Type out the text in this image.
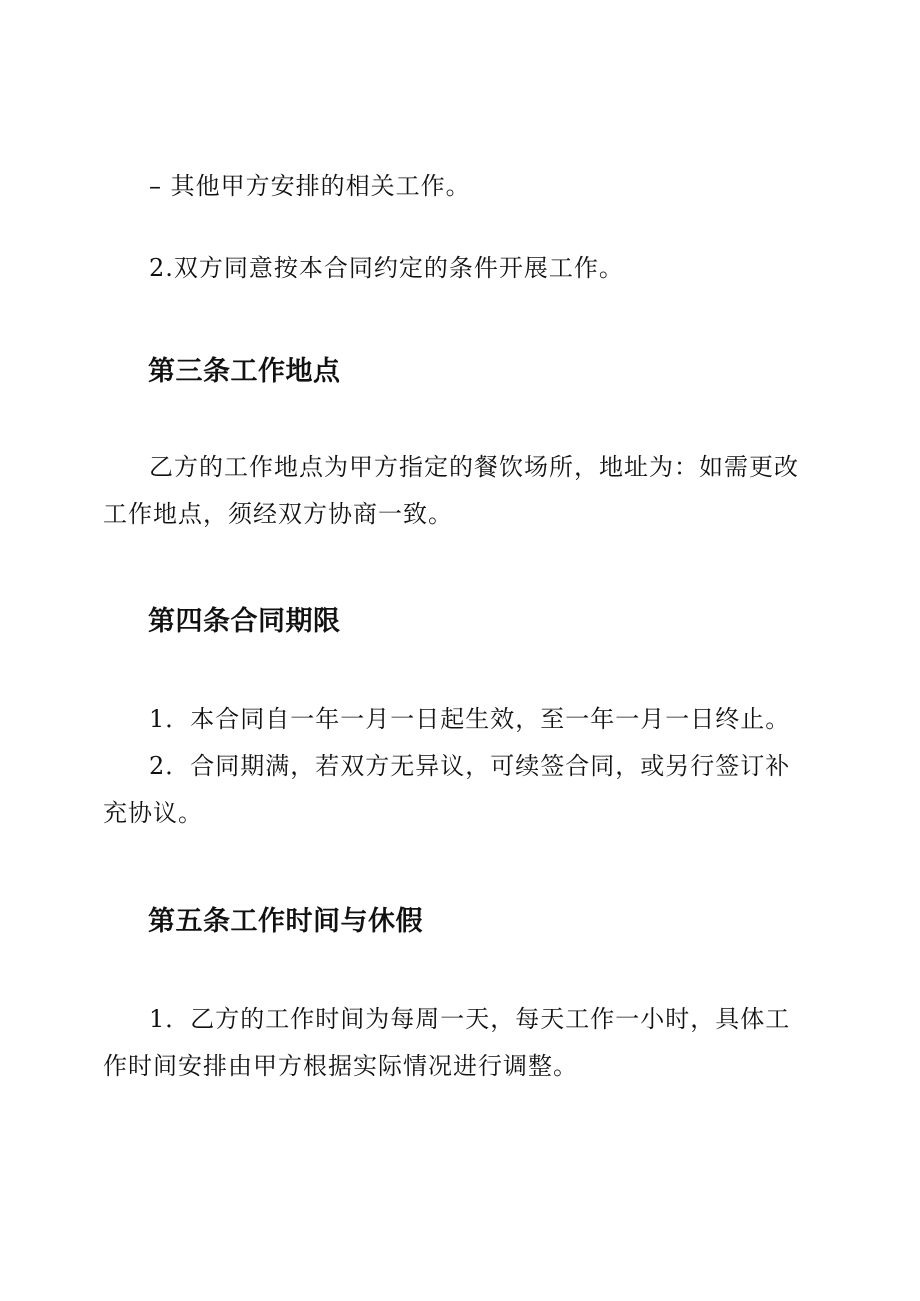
– 其他甲方安排的相关工作。

2.双方同意按本合同约定的条件开展工作。

第三条工作地点

乙方的工作地点为甲方指定的餐饮场所，地址为：如需更改工作地点，须经双方协商一致。

第四条合同期限

1．本合同自一年一月一日起生效，至一年一月一日终止。

2．合同期满，若双方无异议，可续签合同，或另行签订补充协议。

第五条工作时间与休假

1．乙方的工作时间为每周一天，每天工作一小时，具体工作时间安排由甲方根据实际情况进行调整。
